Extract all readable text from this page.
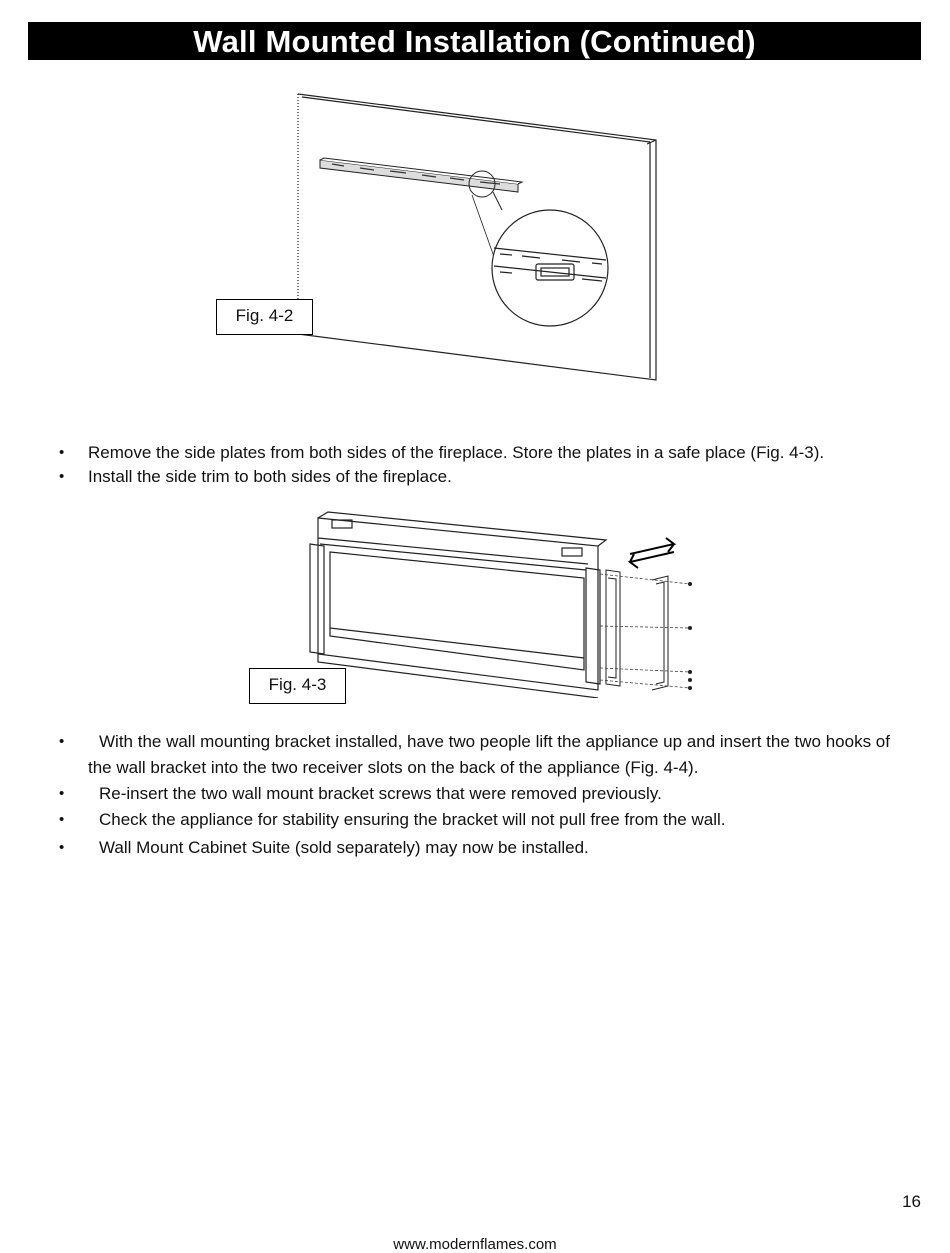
Wall Mounted Installation (Continued)
Fig. 4-2
• Remove the side plates from both sides of the fireplace. Store the plates in a safe place (Fig. 4-3).
• Install the side trim to both sides of the fireplace.
Fig. 4-3
• With the wall mounting bracket installed, have two people lift the appliance up and insert the two hooks of the wall bracket into the two receiver slots on the back of the appliance (Fig. 4-4).
• Re-insert the two wall mount bracket screws that were removed previously.
• Check the appliance for stability ensuring the bracket will not pull free from the wall.
• Wall Mount Cabinet Suite (sold separately) may now be installed.
16
www.modernflames.com
